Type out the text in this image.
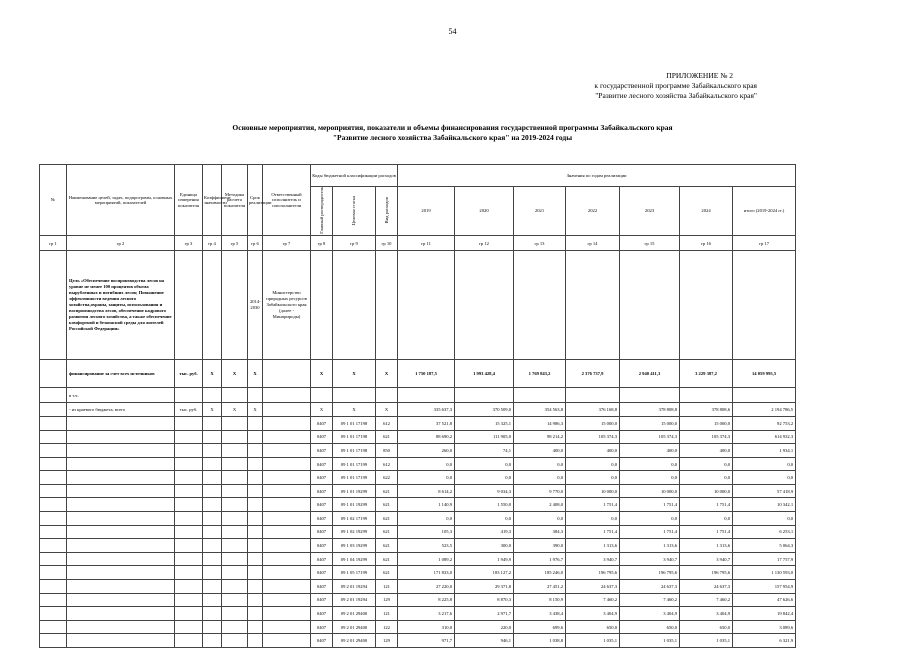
54
ПРИЛОЖЕНИЕ № 2
к государственной программе Забайкальского края
"Развитие лесного хозяйства Забайкальского края"
Основные мероприятия, мероприятия, показатели и объемы финансирования государственной программы Забайкальского края
"Развитие лесного хозяйства Забайкальского края" на 2019-2024 годы
№	Наименование целей, задач, подпрограмм, основных мероприятий, показателей	Единица измерения показателя	Коэффициент значимости	Методика расчета показателя	Срок реализации	Ответственный исполнитель и соисполнители	Коды бюджетной классификации расходов			Значения по годам реализации						
							Главный распорядитель	Целевая статья	Вид расходов	2019	2020	2021	2022	2023	2024	итого (2019-2024 гг.)
гр 1	гр 2	гр 3	гр 4	гр 5	гр 6	гр 7	гр 8	гр 9	гр 10	гр 11	гр 12	гр 13	гр 14	гр 15	гр 16	гр 17
	Цель «Обеспечение воспроизводства лесов на уровне не менее 100 процентов объема вырубленных и погибших лесов; Повышение эффективности ведения лесного хозяйства,охраны, защиты, использования и воспроизводства лесов, обеспечение кадрового развития лесного хозяйства, а также обеспечение комфортной и безопасной среды для жителей Российской Федерации»				2014-2030	Министерство природных ресурсов Забайкальского края (далее - Минприроды)										
	финансирование за счет всех источников	тыс. руб.	X	X	X		X	X	X	1 750 187,5	1 993 428,4	1 769 843,2	2 376 737,9	2 940 411,3	3 229 387,2	14 059 995,5
	в т.ч.															
	- из краевого бюджета, всего	тыс. руб.	X	X	X		X	X	X	335 637,3	370 509,0	354 563,8	376 168,8	378 808,8	378 808,6	2 194 786,5
							0407	09 1 01 17198	612	37 521,8	15 325,1	14 986,3	15 000,0	15 000,0	15 000,0	92 753,2
							0407	09 1 01 17198	621	88 690,2	111 905,0	98 214,2	105 374,3	105 374,3	105 374,3	614 932,3
							0407	09 1 01 17198	850	260,0	74,1	400,0	400,0	400,0	400,0	1 934,1
							0407	09 1 01 17199	612	0,0	0,0	0,0	0,0	0,0	0,0	0,0
							0407	09 1 01 17199	622	0,0	0,0	0,0	0,0	0,0	0,0	0,0
							0407	09 1 01 19299	621	8 614,2	9 034,3	9 770,0	10 000,0	10 000,0	10 000,0	57 418,9
							0407	09 1 01 19299	621	1 140,9	1 550,0	2 408,0	1 751,4	1 751,4	1 751,4	10 342,1
							0407	09 1 02 17199	621	0,0	0,0	0,0	0,0	0,0	0,0	0,0
							0407	09 1 02 19299	621	105,3	419,3	384,3	1 751,4	1 751,4	1 751,4	6 253,1
							0407	09 1 03 19299	621	523,5	300,0	390,0	1 313,6	1 313,6	1 313,6	5 064,3
							0407	09 1 04 19299	621	1 089,2	1 949,9	1 976,7	3 940,7	3 940,7	3 940,7	17 757,9
							0407	09 1 05 17199	621	171 833,0	183 127,2	185 246,0	196 795,6	196 795,6	196 795,6	1 130 593,0
							0407	09 2 01 19294	121	27 220,0	29 371,8	27 451,2	24 637,3	24 637,3	24 637,3	157 954,9
							0407	09 2 01 19294	129	8 225,8	8 870,3	8 150,9	7 460,2	7 460,2	7 460,2	47 626,6
							0407	09 2 01 29400	121	3 217,6	2 971,7	3 438,4	3 404,9	3 404,9	3 404,9	19 842,4
							0407	09 2 01 29400	122	310,0	220,0	699,6	650,0	650,0	650,0	3 089,6
							0407	09 2 01 29400	129	971,7	946,1	1 038,8	1 035,1	1 035,1	1 035,1	6 321,9
